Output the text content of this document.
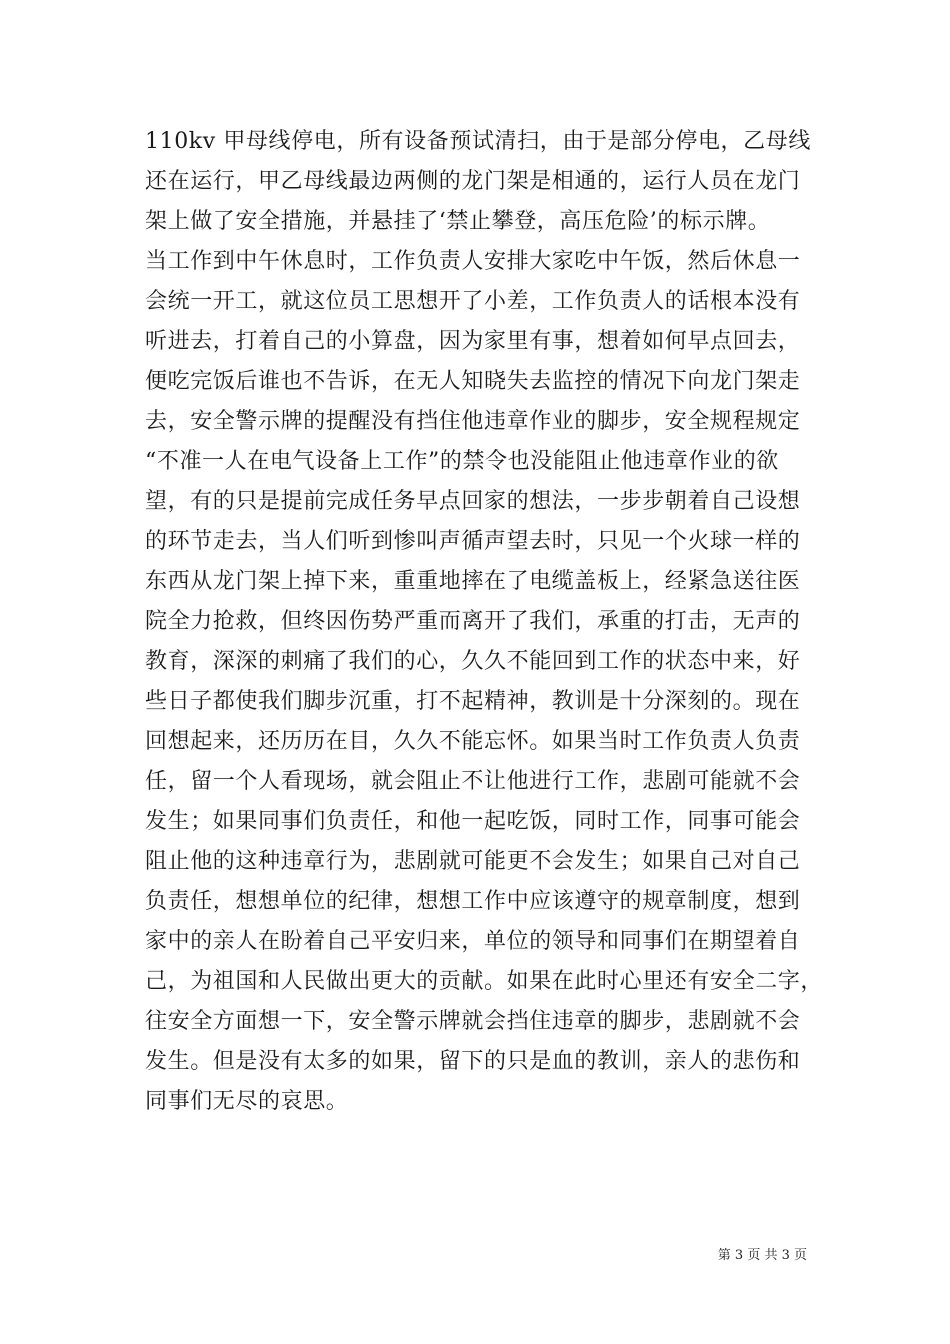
110kv 甲母线停电，所有设备预试清扫，由于是部分停电，乙母线
还在运行，甲乙母线最边两侧的龙门架是相通的，运行人员在龙门
架上做了安全措施，并悬挂了‘禁止攀登，高压危险’的标示牌。
当工作到中午休息时，工作负责人安排大家吃中午饭，然后休息一
会统一开工，就这位员工思想开了小差，工作负责人的话根本没有
听进去，打着自己的小算盘，因为家里有事，想着如何早点回去，
便吃完饭后谁也不告诉，在无人知晓失去监控的情况下向龙门架走
去，安全警示牌的提醒没有挡住他违章作业的脚步，安全规程规定
“不准一人在电气设备上工作”的禁令也没能阻止他违章作业的欲
望，有的只是提前完成任务早点回家的想法，一步步朝着自己设想
的环节走去，当人们听到惨叫声循声望去时，只见一个火球一样的
东西从龙门架上掉下来，重重地摔在了电缆盖板上，经紧急送往医
院全力抢救，但终因伤势严重而离开了我们，承重的打击，无声的
教育，深深的刺痛了我们的心，久久不能回到工作的状态中来，好
些日子都使我们脚步沉重，打不起精神，教训是十分深刻的。现在
回想起来，还历历在目，久久不能忘怀。如果当时工作负责人负责
任，留一个人看现场，就会阻止不让他进行工作，悲剧可能就不会
发生；如果同事们负责任，和他一起吃饭，同时工作，同事可能会
阻止他的这种违章行为，悲剧就可能更不会发生；如果自己对自己
负责任，想想单位的纪律，想想工作中应该遵守的规章制度，想到
家中的亲人在盼着自己平安归来，单位的领导和同事们在期望着自
己，为祖国和人民做出更大的贡献。如果在此时心里还有安全二字，
往安全方面想一下，安全警示牌就会挡住违章的脚步，悲剧就不会
发生。但是没有太多的如果，留下的只是血的教训，亲人的悲伤和
同事们无尽的哀思。
第 3 页 共 3 页
